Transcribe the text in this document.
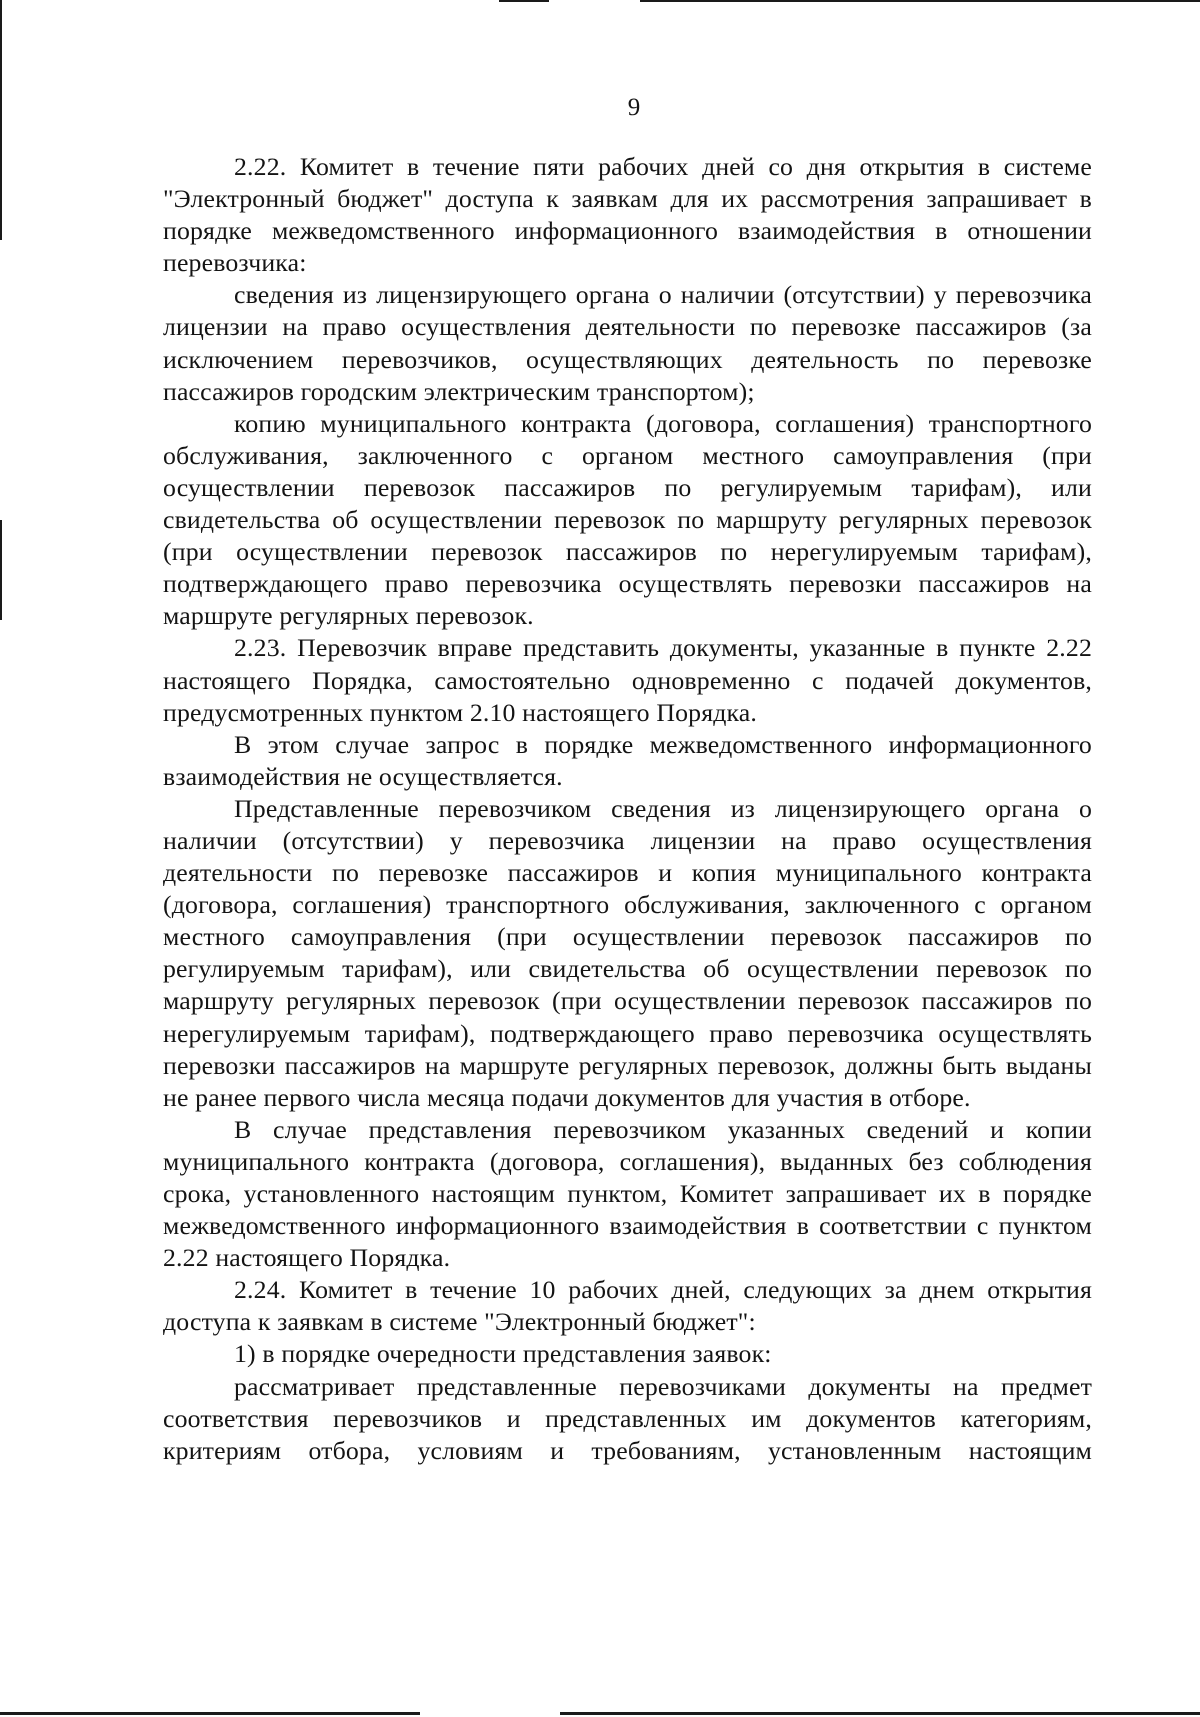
9

2.22. Комитет в течение пяти рабочих дней со дня открытия в системе "Электронный бюджет" доступа к заявкам для их рассмотрения запрашивает в порядке межведомственного информационного взаимодействия в отношении перевозчика:

сведения из лицензирующего органа о наличии (отсутствии) у перевозчика лицензии на право осуществления деятельности по перевозке пассажиров (за исключением перевозчиков, осуществляющих деятельность по перевозке пассажиров городским электрическим транспортом);

копию муниципального контракта (договора, соглашения) транспортного обслуживания, заключенного с органом местного самоуправления (при осуществлении перевозок пассажиров по регулируемым тарифам), или свидетельства об осуществлении перевозок по маршруту регулярных перевозок (при осуществлении перевозок пассажиров по нерегулируемым тарифам), подтверждающего право перевозчика осуществлять перевозки пассажиров на маршруте регулярных перевозок.

2.23. Перевозчик вправе представить документы, указанные в пункте 2.22 настоящего Порядка, самостоятельно одновременно с подачей документов, предусмотренных пунктом 2.10 настоящего Порядка.

В этом случае запрос в порядке межведомственного информационного взаимодействия не осуществляется.

Представленные перевозчиком сведения из лицензирующего органа о наличии (отсутствии) у перевозчика лицензии на право осуществления деятельности по перевозке пассажиров и копия муниципального контракта (договора, соглашения) транспортного обслуживания, заключенного с органом местного самоуправления (при осуществлении перевозок пассажиров по регулируемым тарифам), или свидетельства об осуществлении перевозок по маршруту регулярных перевозок (при осуществлении перевозок пассажиров по нерегулируемым тарифам), подтверждающего право перевозчика осуществлять перевозки пассажиров на маршруте регулярных перевозок, должны быть выданы не ранее первого числа месяца подачи документов для участия в отборе.

В случае представления перевозчиком указанных сведений и копии муниципального контракта (договора, соглашения), выданных без соблюдения срока, установленного настоящим пунктом, Комитет запрашивает их в порядке межведомственного информационного взаимодействия в соответствии с пунктом 2.22 настоящего Порядка.

2.24. Комитет в течение 10 рабочих дней, следующих за днем открытия доступа к заявкам в системе "Электронный бюджет":

1) в порядке очередности представления заявок:

рассматривает представленные перевозчиками документы на предмет соответствия перевозчиков и представленных им документов категориям, критериям отбора, условиям и требованиям, установленным настоящим
